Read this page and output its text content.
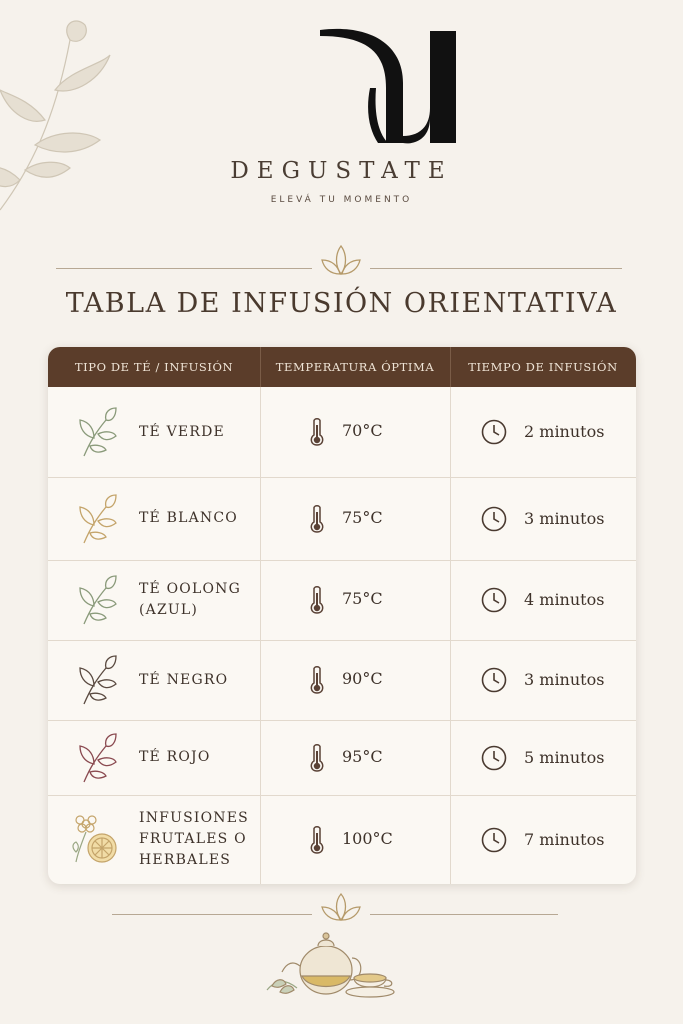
DEGUSTATE
ELEVÁ TU MOMENTO
TABLA DE INFUSIÓN ORIENTATIVA
TIPO DE TÉ / INFUSIÓN	TEMPERATURA ÓPTIMA	TIEMPO DE INFUSIÓN
TÉ VERDE	70°C	2 minutos
TÉ BLANCO	75°C	3 minutos
TÉ OOLONG
(AZUL)
75°C	4 minutos
TÉ NEGRO	90°C	3 minutos
TÉ ROJO	95°C	5 minutos
INFUSIONES
FRUTALES O
HERBALES
100°C	7 minutos
